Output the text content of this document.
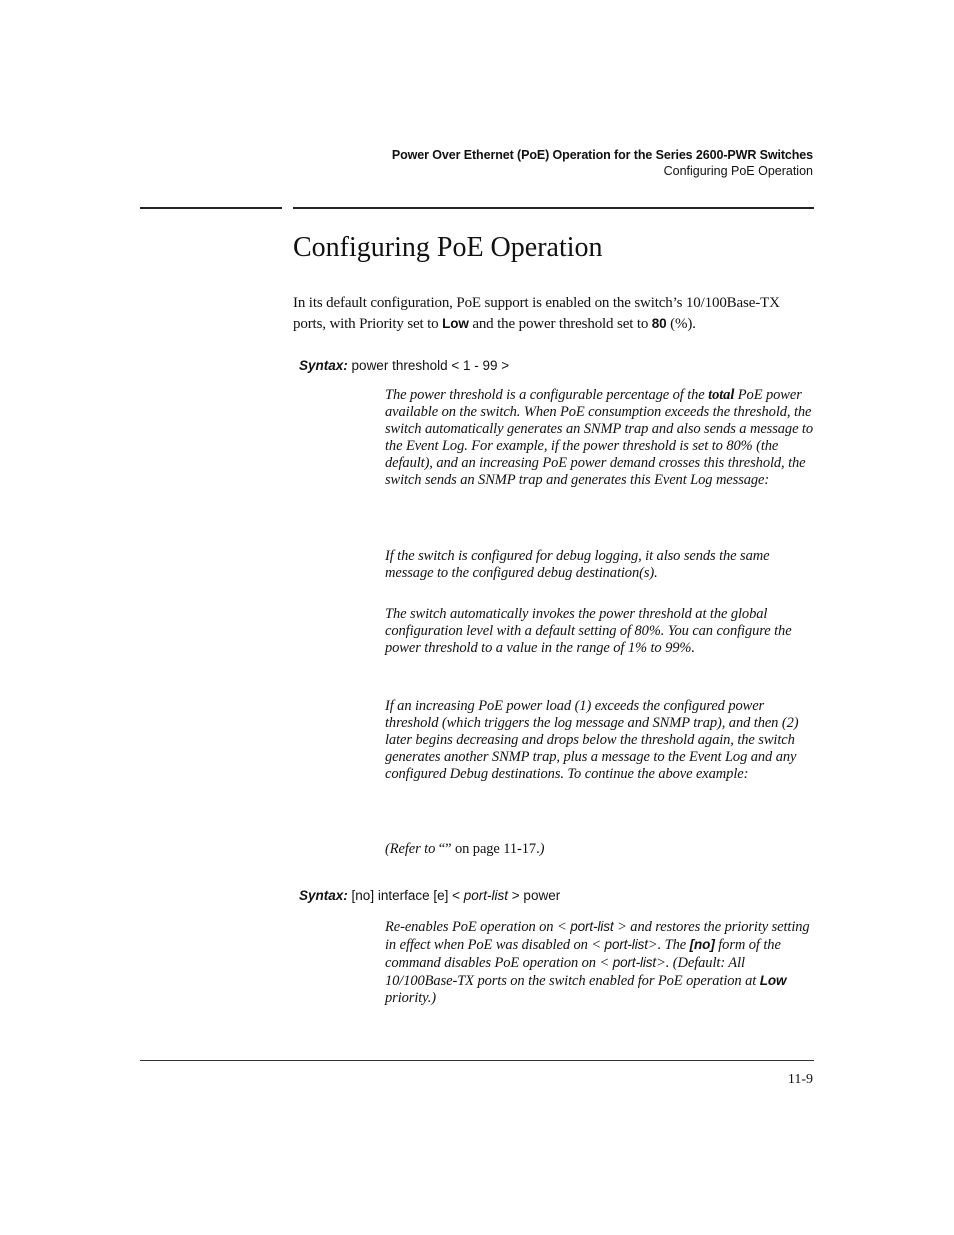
Power Over Ethernet (PoE) Operation for the Series 2600-PWR Switches
Configuring PoE Operation
Configuring PoE Operation
In its default configuration, PoE support is enabled on the switch’s 10/100Base-TX ports, with Priority set to Low and the power threshold set to 80 (%).
Syntax: power threshold < 1 - 99 >

The power threshold is a configurable percentage of the total PoE power available on the switch. When PoE consumption exceeds the threshold, the switch automatically generates an SNMP trap and also sends a message to the Event Log. For example, if the power threshold is set to 80% (the default), and an increasing PoE power demand crosses this threshold, the switch sends an SNMP trap and generates this Event Log message:

If the switch is configured for debug logging, it also sends the same message to the configured debug destination(s).

The switch automatically invokes the power threshold at the global configuration level with a default setting of 80%. You can configure the power threshold to a value in the range of 1% to 99%.

If an increasing PoE power load (1) exceeds the configured power threshold (which triggers the log message and SNMP trap), and then (2) later begins decreasing and drops below the threshold again, the switch generates another SNMP trap, plus a message to the Event Log and any configured Debug destinations. To continue the above example:

(Refer to “” on page 11-17.)

Syntax: [no] interface [e] < port-list > power

Re-enables PoE operation on < port-list > and restores the priority setting in effect when PoE was disabled on < port-list>. The [no] form of the command disables PoE operation on < port-list>. (Default: All 10/100Base-TX ports on the switch enabled for PoE operation at Low priority.)

11-9
